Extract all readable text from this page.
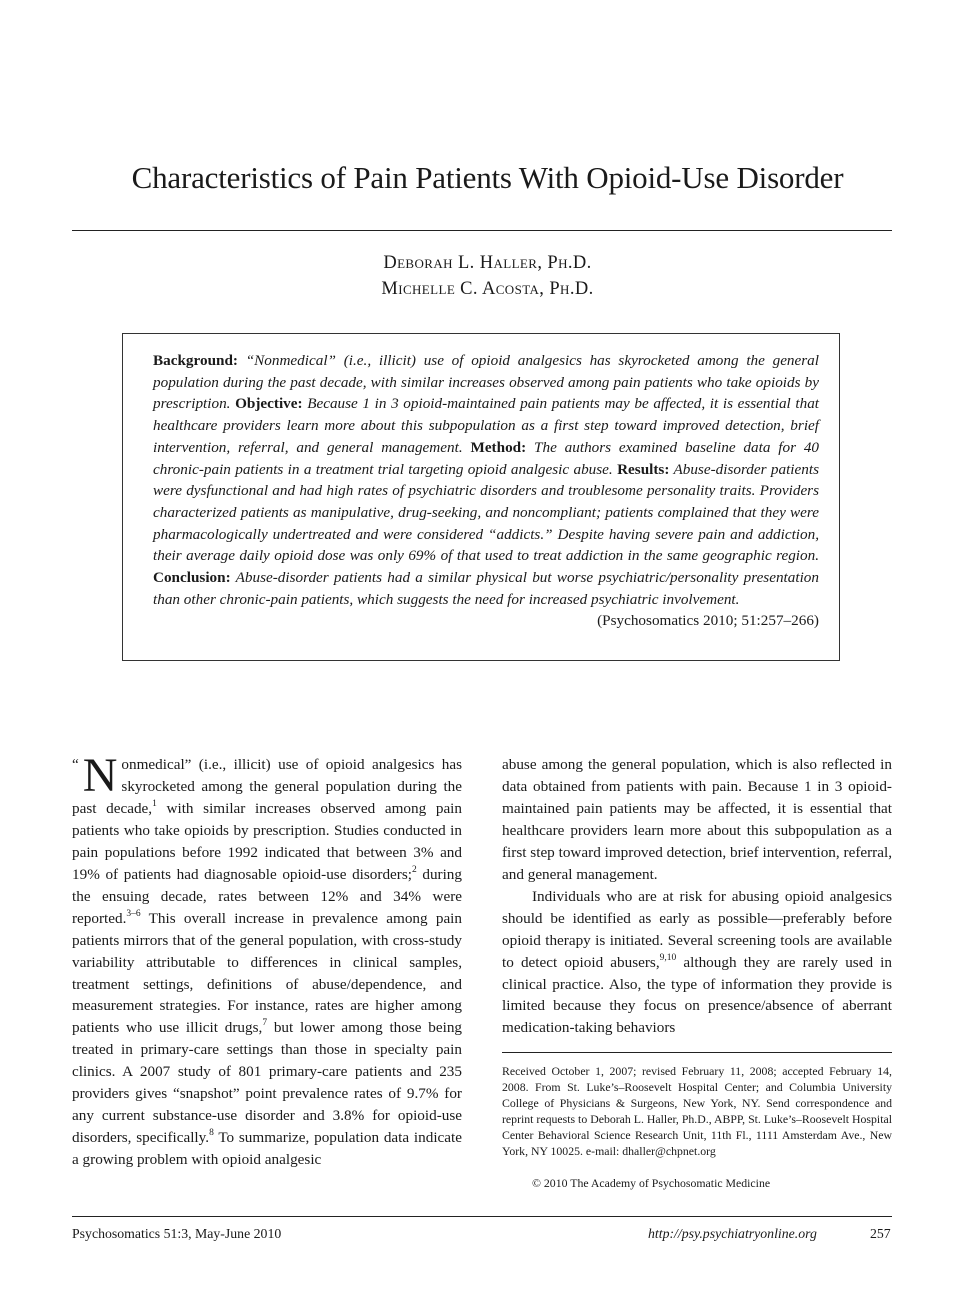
Characteristics of Pain Patients With Opioid-Use Disorder
Deborah L. Haller, Ph.D.
Michelle C. Acosta, Ph.D.

Background: “Nonmedical” (i.e., illicit) use of opioid analgesics has skyrocketed among the general population during the past decade, with similar increases observed among pain patients who take opioids by prescription. Objective: Because 1 in 3 opioid-maintained pain patients may be affected, it is essential that healthcare providers learn more about this subpopulation as a first step toward improved detection, brief intervention, referral, and general management. Method: The authors examined baseline data for 40 chronic-pain patients in a treatment trial targeting opioid analgesic abuse. Results: Abuse-disorder patients were dysfunctional and had high rates of psychiatric disorders and troublesome personality traits. Providers characterized patients as manipulative, drug-seeking, and noncompliant; patients complained that they were pharmacologically undertreated and were considered “addicts.” Despite having severe pain and addiction, their average daily opioid dose was only 69% of that used to treat addiction in the same geographic region. Conclusion: Abuse-disorder patients had a similar physical but worse psychiatric/personality presentation than other chronic-pain patients, which suggests the need for increased psychiatric involvement.
(Psychosomatics 2010; 51:257–266)

“ N onmedical” (i.e., illicit) use of opioid analgesics has skyrocketed among the general population during the past decade,$^1$ with similar increases observed among pain patients who take opioids by prescription. Studies conducted in pain populations before 1992 indicated that between 3% and 19% of patients had diagnosable opioid-use disorders;$^2$ during the ensuing decade, rates between 12% and 34% were reported.$^{3-6}$ This overall increase in prevalence among pain patients mirrors that of the general population, with cross-study variability attributable to differences in clinical samples, treatment settings, definitions of abuse/dependence, and measurement strategies. For instance, rates are higher among patients who use illicit drugs,$^7$ but lower among those being treated in primary-care settings than those in specialty pain clinics. A 2007 study of 801 primary-care patients and 235 providers gives “snapshot” point prevalence rates of 9.7% for any current substance-use disorder and 3.8% for opioid-use disorders, specifically.$^8$ To summarize, population data indicate a growing problem with opioid analgesic

abuse among the general population, which is also reflected in data obtained from patients with pain. Because 1 in 3 opioid-maintained pain patients may be affected, it is essential that healthcare providers learn more about this subpopulation as a first step toward improved detection, brief intervention, referral, and general management.

Individuals who are at risk for abusing opioid analgesics should be identified as early as possible—preferably before opioid therapy is initiated. Several screening tools are available to detect opioid abusers,$^{9,10}$ although they are rarely used in clinical practice. Also, the type of information they provide is limited because they focus on presence/absence of aberrant medication-taking behaviors

Received October 1, 2007; revised February 11, 2008; accepted February 14, 2008. From St. Luke’s–Roosevelt Hospital Center; and Columbia University College of Physicians & Surgeons, New York, NY. Send correspondence and reprint requests to Deborah L. Haller, Ph.D., ABPP, St. Luke’s–Roosevelt Hospital Center Behavioral Science Research Unit, 11th Fl., 1111 Amsterdam Ave., New York, NY 10025. e-mail: dhaller@chpnet.org

© 2010 The Academy of Psychosomatic Medicine

Psychosomatics 51:3, May-June 2010	http://psy.psychiatryonline.org	257
